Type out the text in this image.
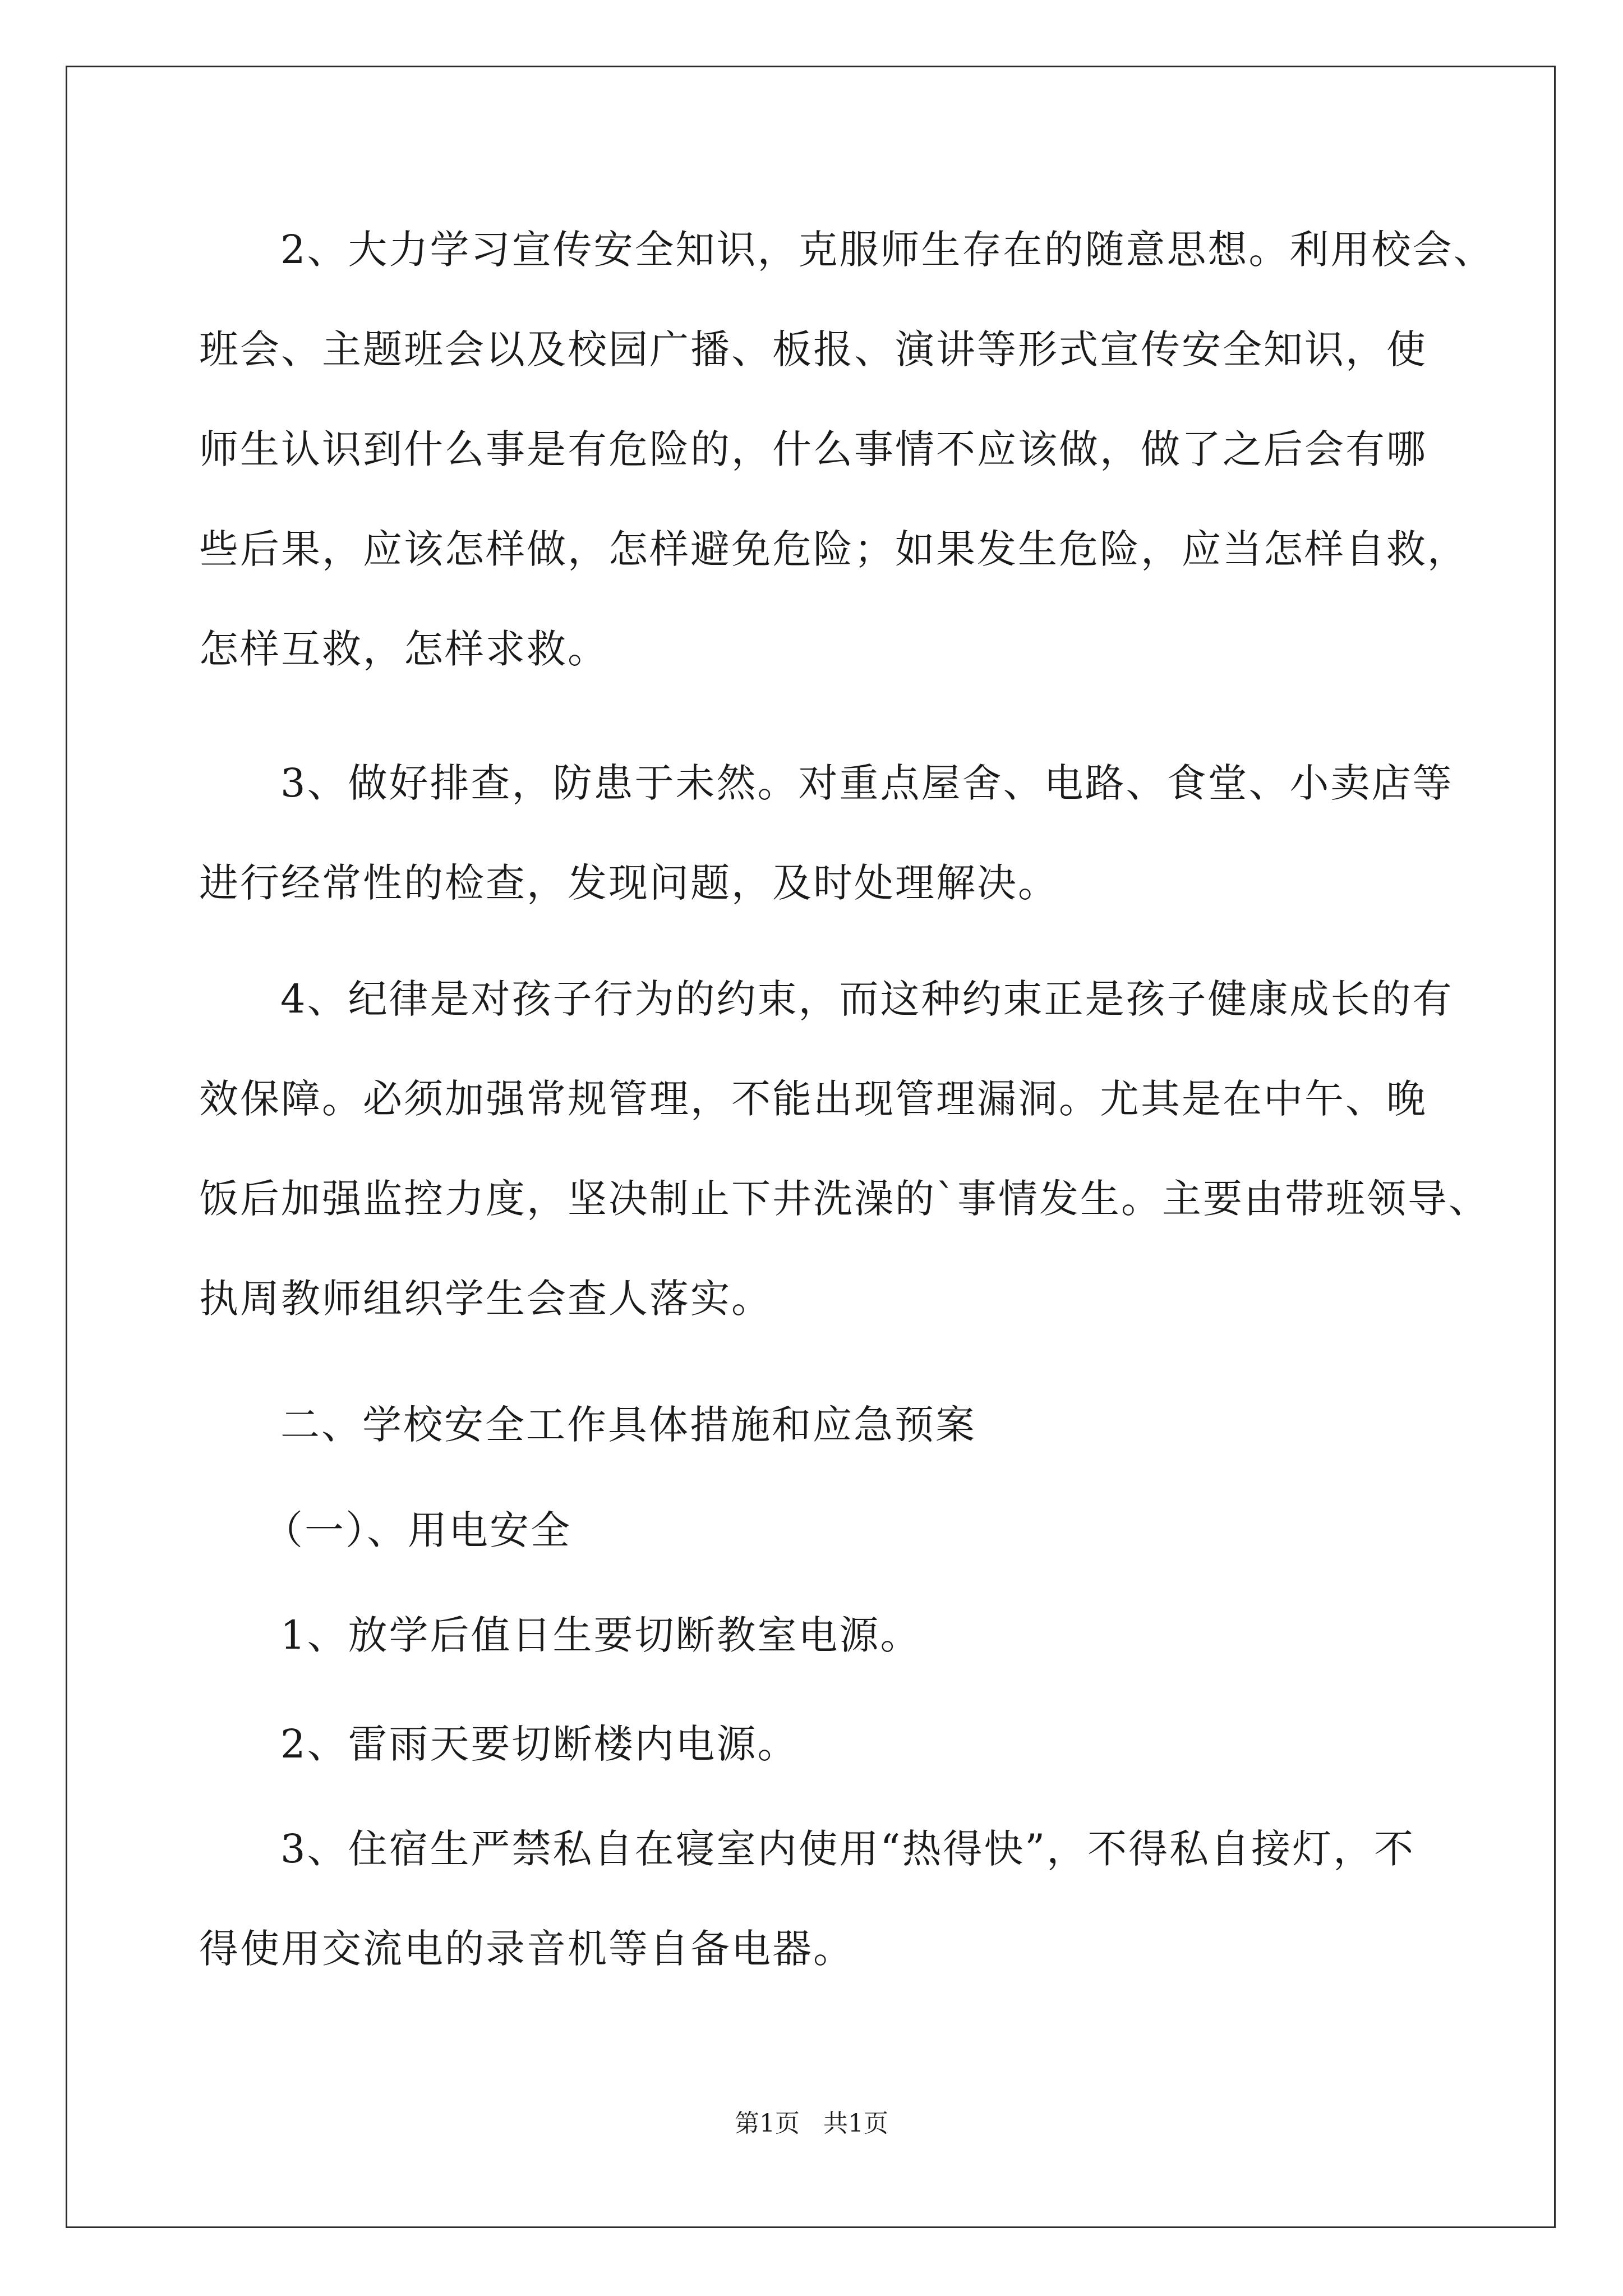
2、大力学习宣传安全知识，克服师生存在的随意思想。利用校会、
班会、主题班会以及校园广播、板报、演讲等形式宣传安全知识，使
师生认识到什么事是有危险的，什么事情不应该做，做了之后会有哪
些后果，应该怎样做，怎样避免危险；如果发生危险，应当怎样自救，
怎样互救，怎样求救。
3、做好排查，防患于未然。对重点屋舍、电路、食堂、小卖店等
进行经常性的检查，发现问题，及时处理解决。
4、纪律是对孩子行为的约束，而这种约束正是孩子健康成长的有
效保障。必须加强常规管理，不能出现管理漏洞。尤其是在中午、晚
饭后加强监控力度，坚决制止下井洗澡的`事情发生。主要由带班领导、
执周教师组织学生会查人落实。
二、学校安全工作具体措施和应急预案
（一）、用电安全
1、放学后值日生要切断教室电源。
2、雷雨天要切断楼内电源。
3、住宿生严禁私自在寝室内使用“热得快”，不得私自接灯，不
得使用交流电的录音机等自备电器。
第1页   共1页
